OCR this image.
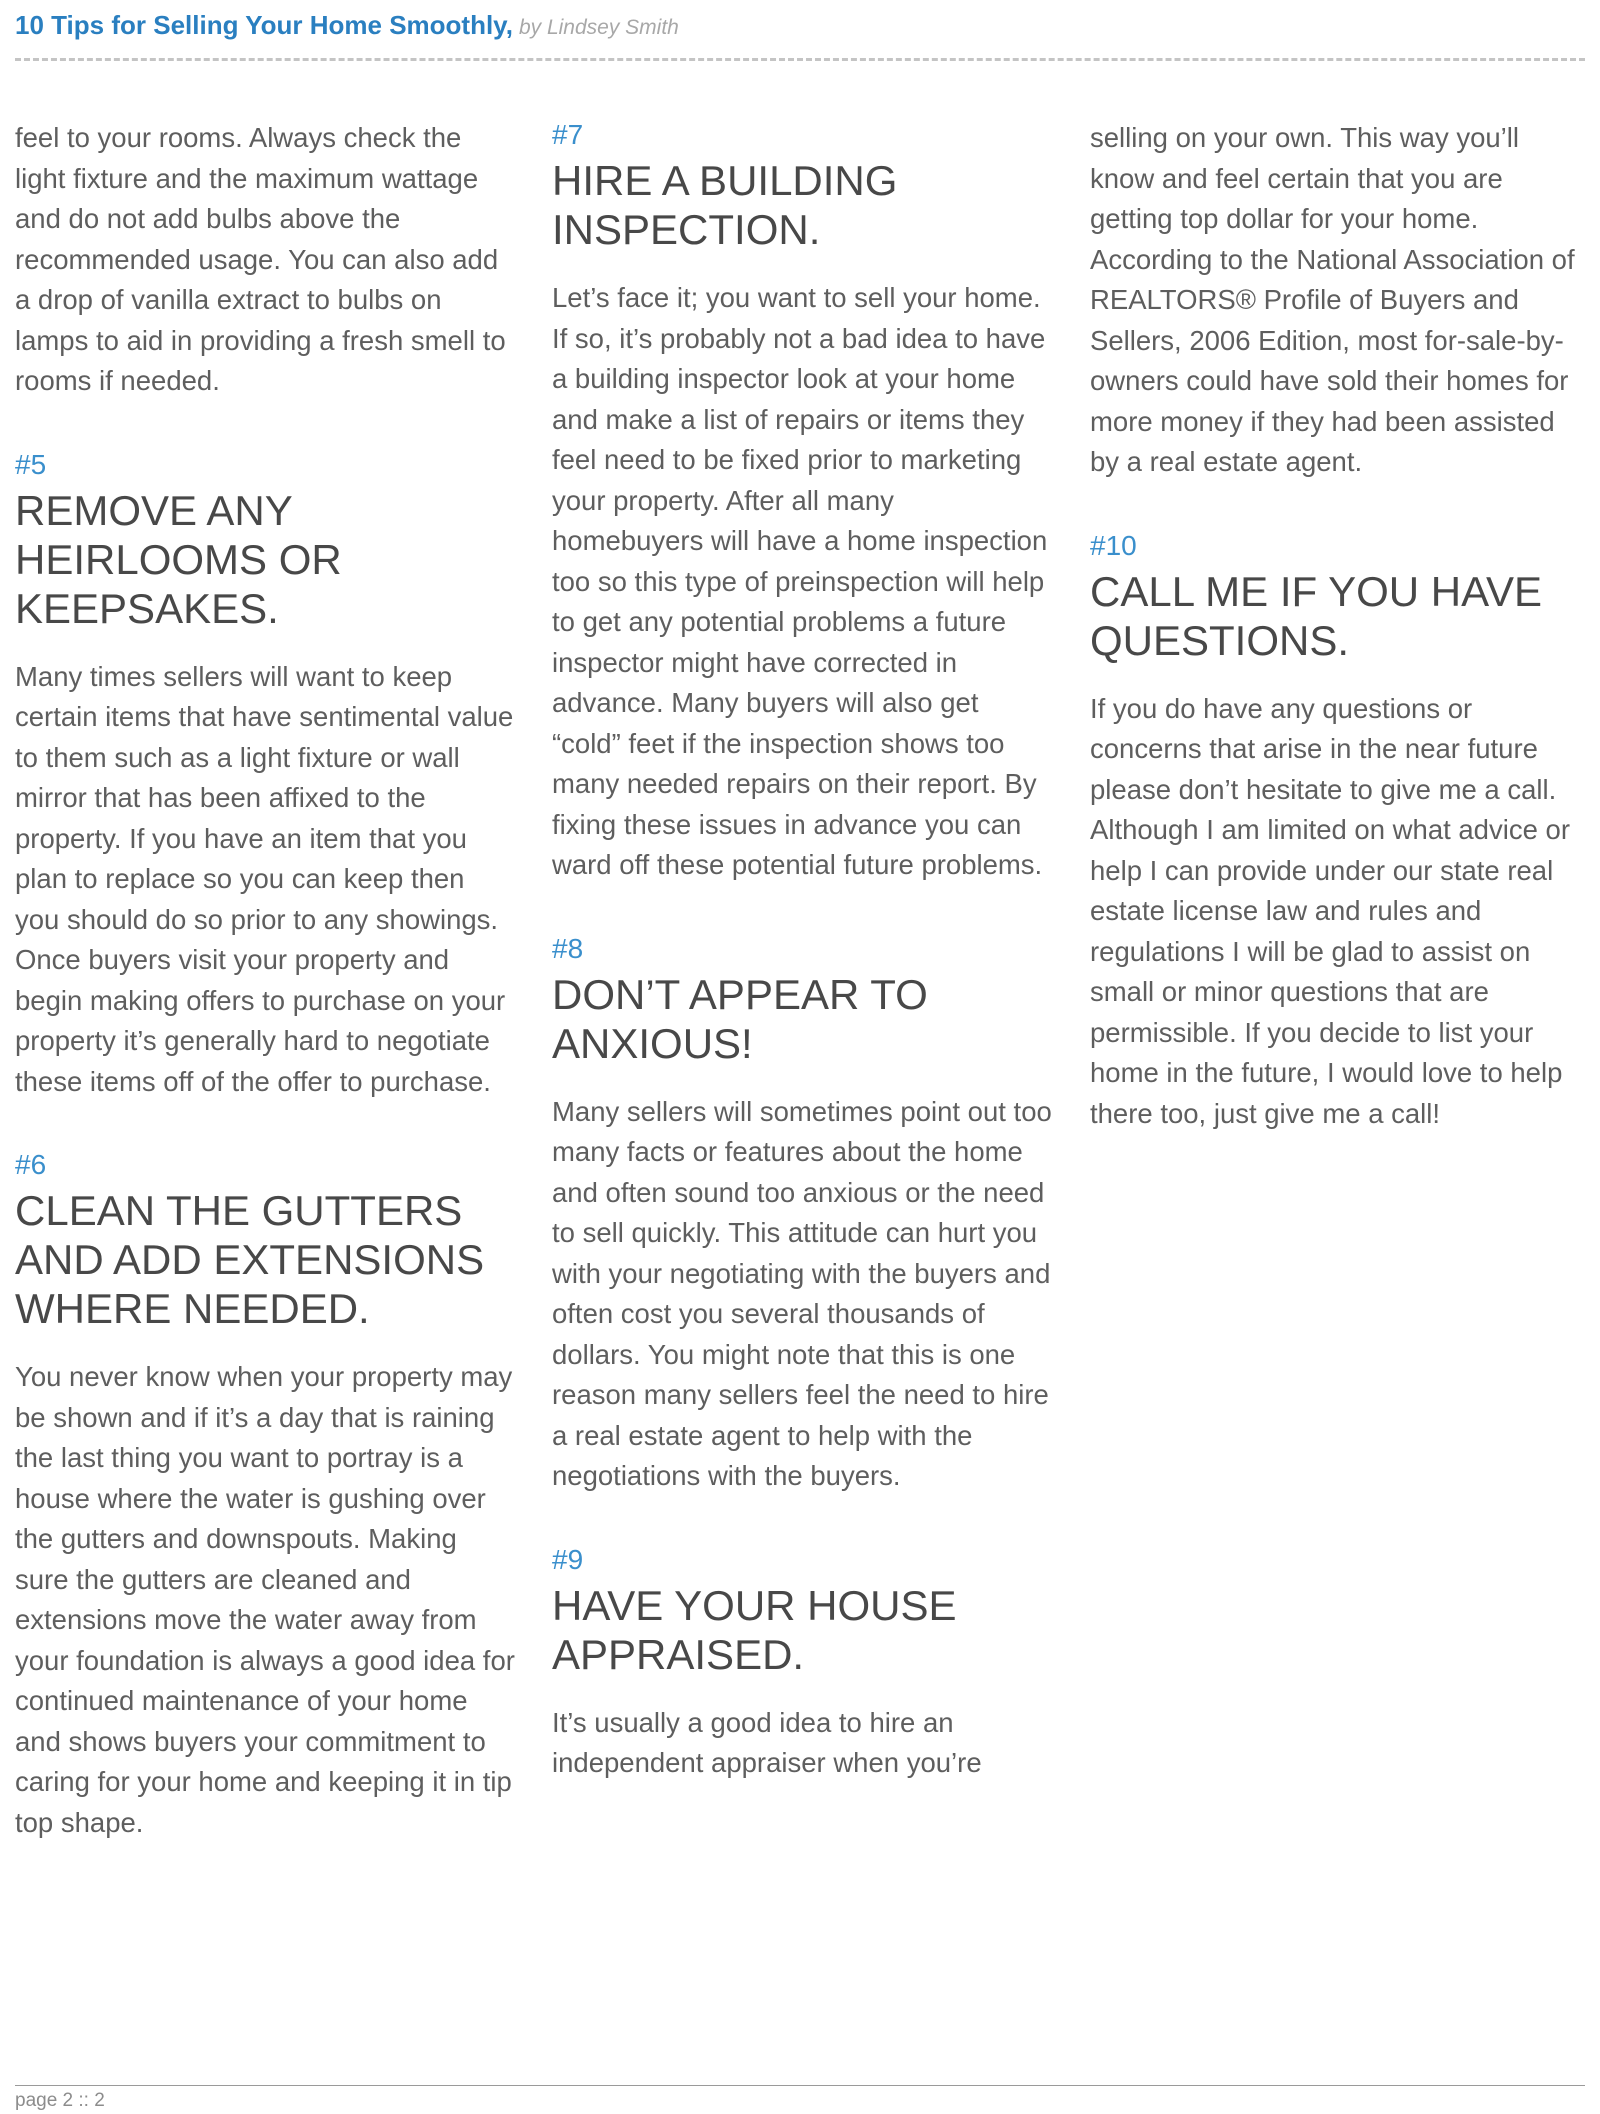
10 Tips for Selling Your Home Smoothly, by Lindsey Smith

feel to your rooms. Always check the light fixture and the maximum wattage and do not add bulbs above the recommended usage. You can also add a drop of vanilla extract to bulbs on lamps to aid in providing a fresh smell to rooms if needed.

#5
REMOVE ANY HEIRLOOMS OR KEEPSAKES.

Many times sellers will want to keep certain items that have sentimental value to them such as a light fixture or wall mirror that has been affixed to the property. If you have an item that you plan to replace so you can keep then you should do so prior to any showings. Once buyers visit your property and begin making offers to purchase on your property it’s generally hard to negotiate these items off of the offer to purchase.

#6
CLEAN THE GUTTERS AND ADD EXTENSIONS WHERE NEEDED.

You never know when your property may be shown and if it’s a day that is raining the last thing you want to portray is a house where the water is gushing over the gutters and downspouts. Making sure the gutters are cleaned and extensions move the water away from your foundation is always a good idea for continued maintenance of your home and shows buyers your commitment to caring for your home and keeping it in tip top shape.

#7
HIRE A BUILDING INSPECTION.

Let’s face it; you want to sell your home. If so, it’s probably not a bad idea to have a building inspector look at your home and make a list of repairs or items they feel need to be fixed prior to marketing your property. After all many homebuyers will have a home inspection too so this type of preinspection will help to get any potential problems a future inspector might have corrected in advance. Many buyers will also get “cold” feet if the inspection shows too many needed repairs on their report. By fixing these issues in advance you can ward off these potential future problems.

#8
DON’T APPEAR TO ANXIOUS!

Many sellers will sometimes point out too many facts or features about the home and often sound too anxious or the need to sell quickly. This attitude can hurt you with your negotiating with the buyers and often cost you several thousands of dollars. You might note that this is one reason many sellers feel the need to hire a real estate agent to help with the negotiations with the buyers.

#9
HAVE YOUR HOUSE APPRAISED.

It’s usually a good idea to hire an independent appraiser when you’re

selling on your own. This way you’ll know and feel certain that you are getting top dollar for your home. According to the National Association of REALTORS® Profile of Buyers and Sellers, 2006 Edition, most for-sale-by-owners could have sold their homes for more money if they had been assisted by a real estate agent.

#10
CALL ME IF YOU HAVE QUESTIONS.

If you do have any questions or concerns that arise in the near future please don’t hesitate to give me a call. Although I am limited on what advice or help I can provide under our state real estate license law and rules and regulations I will be glad to assist on small or minor questions that are permissible. If you decide to list your home in the future, I would love to help there too, just give me a call!

page 2 :: 2
